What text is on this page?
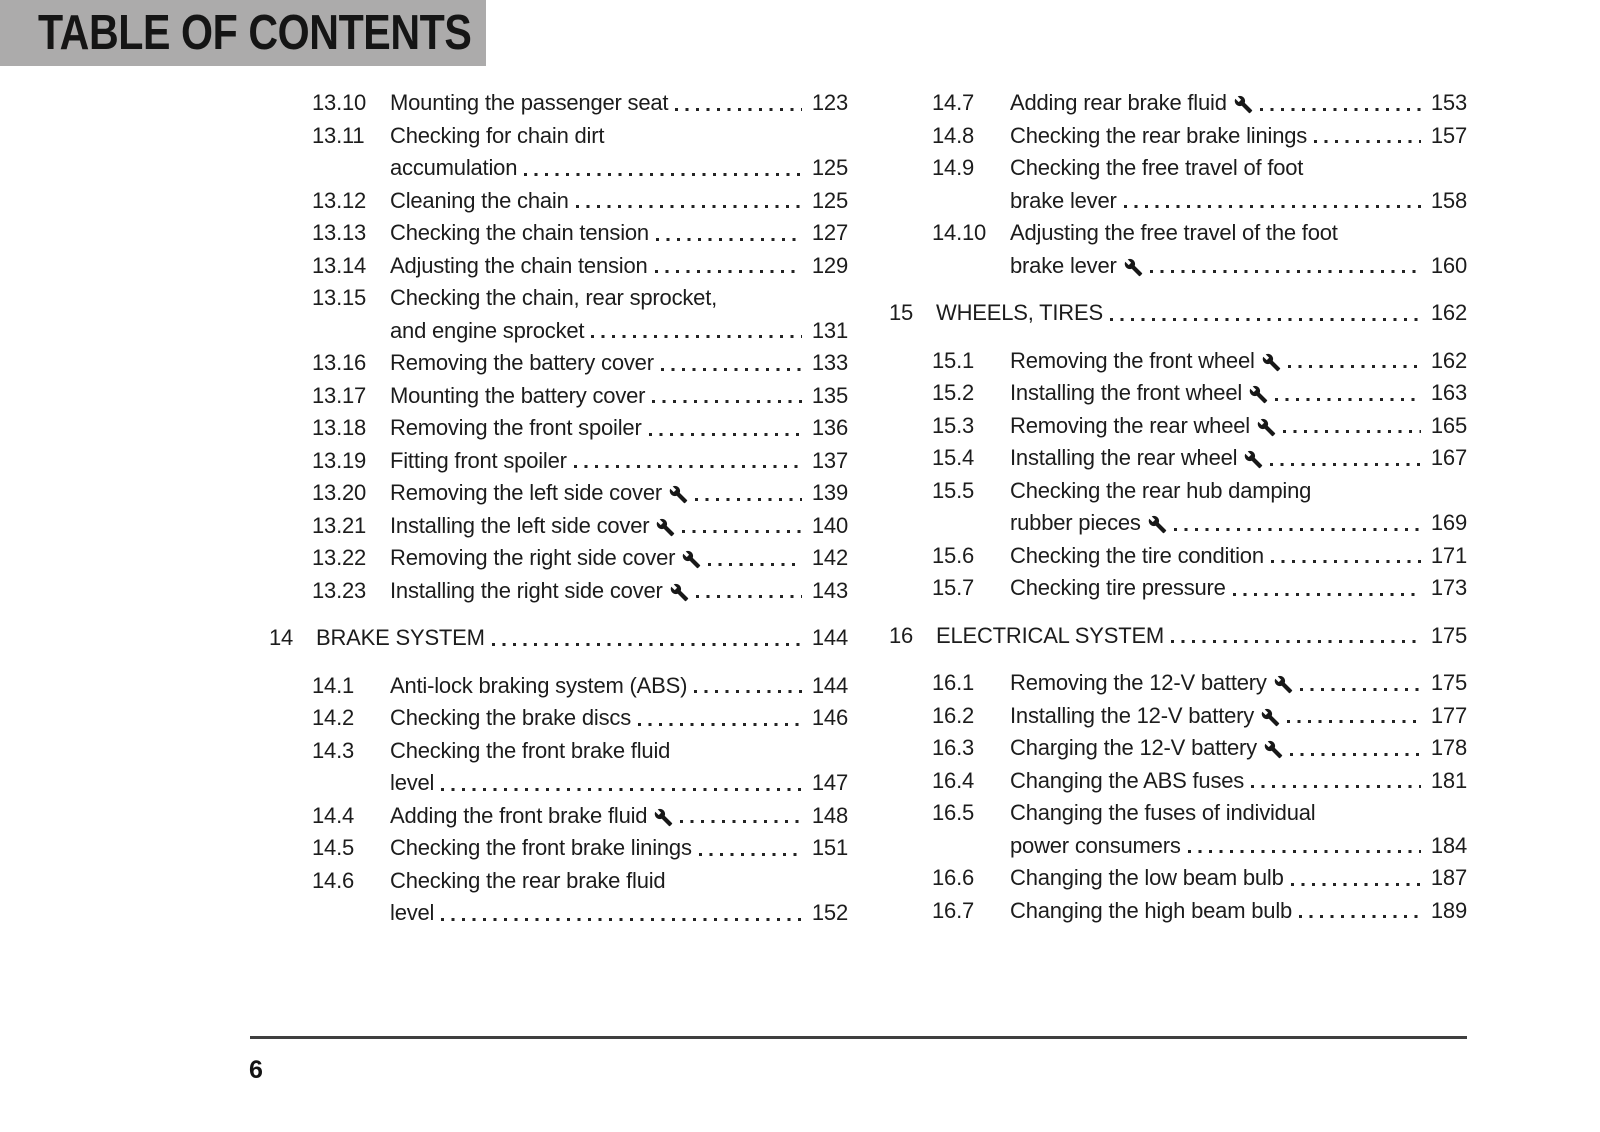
TABLE OF CONTENTS
13.10	Mounting the passenger seat	123
13.11	Checking for chain dirt
accumulation	125
13.12	Cleaning the chain	125
13.13	Checking the chain tension	127
13.14	Adjusting the chain tension	129
13.15	Checking the chain, rear sprocket,
and engine sprocket	131
13.16	Removing the battery cover	133
13.17	Mounting the battery cover	135
13.18	Removing the front spoiler	136
13.19	Fitting front spoiler	137
13.20	Removing the left side cover	139
13.21	Installing the left side cover	140
13.22	Removing the right side cover	142
13.23	Installing the right side cover	143
14	BRAKE SYSTEM	144
14.1	Anti-lock braking system (ABS)	144
14.2	Checking the brake discs	146
14.3	Checking the front brake fluid
level	147
14.4	Adding the front brake fluid	148
14.5	Checking the front brake linings	151
14.6	Checking the rear brake fluid
level	152
14.7	Adding rear brake fluid	153
14.8	Checking the rear brake linings	157
14.9	Checking the free travel of foot
brake lever	158
14.10	Adjusting the free travel of the foot
brake lever	160
15	WHEELS, TIRES	162
15.1	Removing the front wheel	162
15.2	Installing the front wheel	163
15.3	Removing the rear wheel	165
15.4	Installing the rear wheel	167
15.5	Checking the rear hub damping
rubber pieces	169
15.6	Checking the tire condition	171
15.7	Checking tire pressure	173
16	ELECTRICAL SYSTEM	175
16.1	Removing the 12-V battery	175
16.2	Installing the 12-V battery	177
16.3	Charging the 12-V battery	178
16.4	Changing the ABS fuses	181
16.5	Changing the fuses of individual
power consumers	184
16.6	Changing the low beam bulb	187
16.7	Changing the high beam bulb	189
6
